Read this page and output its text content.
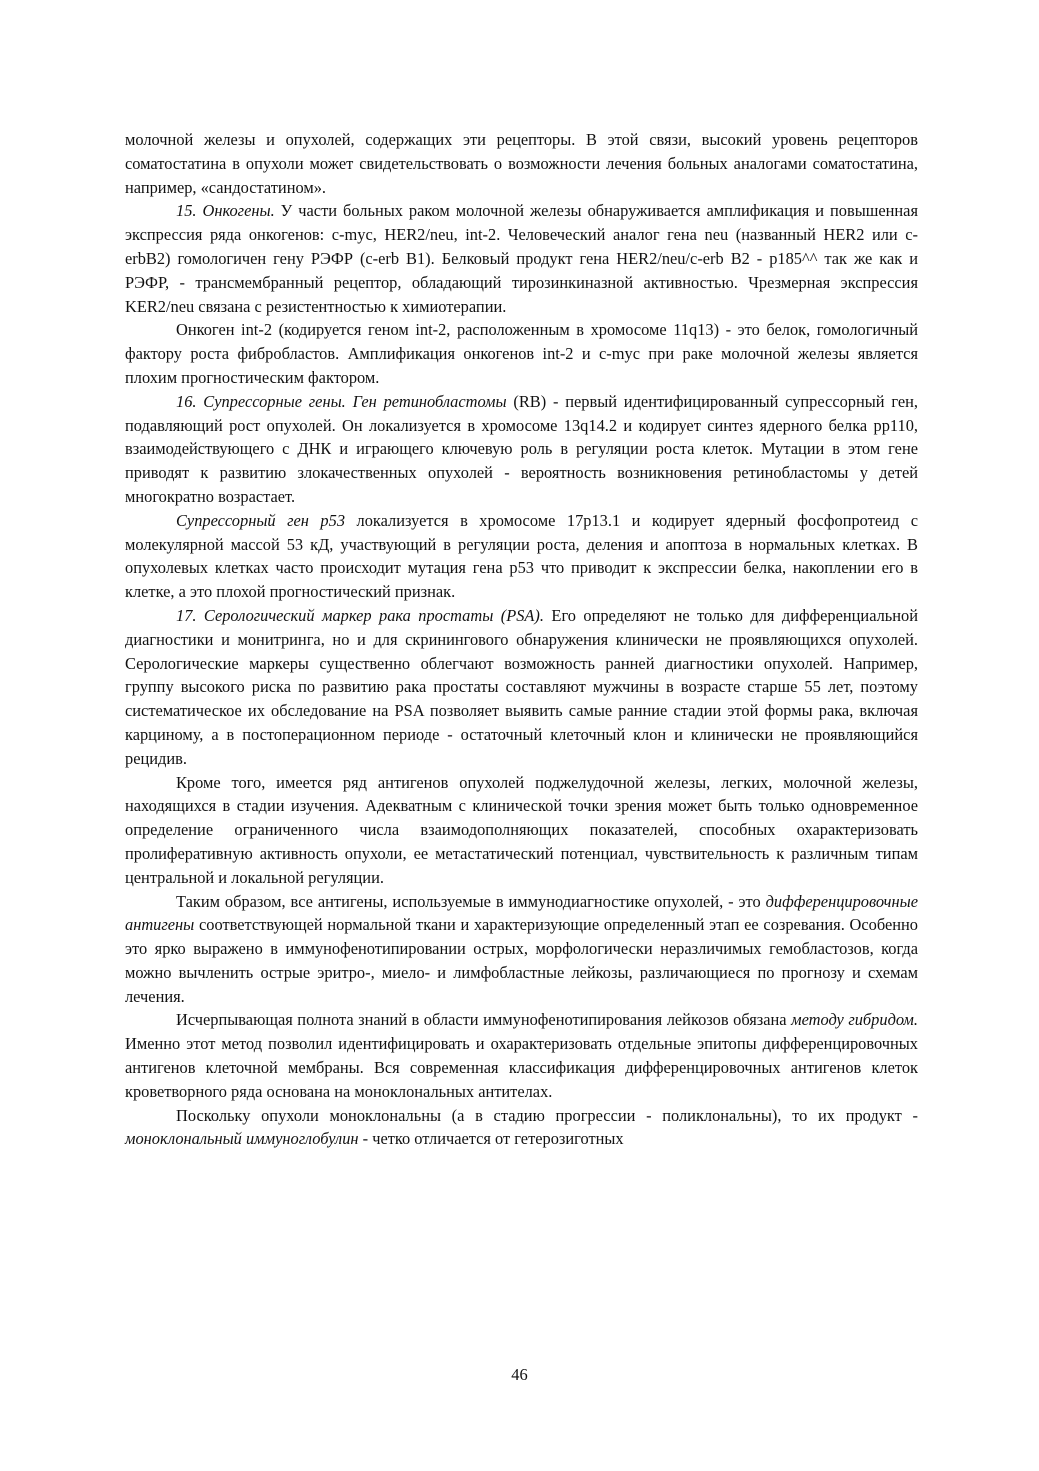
молочной железы и опухолей, содержащих эти рецепторы. В этой связи, высокий уровень рецепторов соматостатина в опухоли может свидетельствовать о возможности лечения больных аналогами соматостатина, например, «сандостатином».

15. Онкогены. У части больных раком молочной железы обнаруживается амплификация и повышенная экспрессия ряда онкогенов: c-myc, HER2/neu, int-2. Человеческий аналог гена neu (названный HER2 или c-erbB2) гомологичен гену РЭФР (c-erb B1). Белковый продукт гена HER2/neu/c-erb B2 - p185^^ так же как и РЭФР, - трансмембранный рецептор, обладающий тирозинкиназной активностью. Чрезмерная экспрессия KER2/neu связана с резистентностью к химиотерапии.

Онкоген int-2 (кодируется геном int-2, расположенным в хромосоме 11q13) - это белок, гомологичный фактору роста фибробластов. Амплификация онкогенов int-2 и c-myc при раке молочной железы является плохим прогностическим фактором.

16. Супрессорные гены. Ген ретинобластомы (RB) - первый идентифицированный супрессорный ген, подавляющий рост опухолей. Он локализуется в хромосоме 13q14.2 и кодирует синтез ядерного белка pp110, взаимодействующего с ДНК и играющего ключевую роль в регуляции роста клеток. Мутации в этом гене приводят к развитию злокачественных опухолей - вероятность возникновения ретинобластомы у детей многократно возрастает.

Супрессорный ген p53 локализуется в хромосоме 17p13.1 и кодирует ядерный фосфопротеид с молекулярной массой 53 кД, участвующий в регуляции роста, деления и апоптоза в нормальных клетках. В опухолевых клетках часто происходит мутация гена p53 что приводит к экспрессии белка, накоплении его в клетке, а это плохой прогностический признак.

17. Серологический маркер рака простаты (PSA). Его определяют не только для дифференциальной диагностики и монитринга, но и для скринингового обнаружения клинически не проявляющихся опухолей. Серологические маркеры существенно облегчают возможность ранней диагностики опухолей. Например, группу высокого риска по развитию рака простаты составляют мужчины в возрасте старше 55 лет, поэтому систематическое их обследование на PSA позволяет выявить самые ранние стадии этой формы рака, включая карциному, а в постоперационном периоде - остаточный клеточный клон и клинически не проявляющийся рецидив.

Кроме того, имеется ряд антигенов опухолей поджелудочной железы, легких, молочной железы, находящихся в стадии изучения. Адекватным с клинической точки зрения может быть только одновременное определение ограниченного числа взаимодополняющих показателей, способных охарактеризовать пролиферативную активность опухоли, ее метастатический потенциал, чувствительность к различным типам центральной и локальной регуляции.

Таким образом, все антигены, используемые в иммунодиагностике опухолей, - это дифференцировочные антигены соответствующей нормальной ткани и характеризующие определенный этап ее созревания. Особенно это ярко выражено в иммунофенотипировании острых, морфологически неразличимых гемобластозов, когда можно вычленить острые эритро-, миело- и лимфобластные лейкозы, различающиеся по прогнозу и схемам лечения.

Исчерпывающая полнота знаний в области иммунофенотипирования лейкозов обязана методу гибридом. Именно этот метод позволил идентифицировать и охарактеризовать отдельные эпитопы дифференцировочных антигенов клеточной мембраны. Вся современная классификация дифференцировочных антигенов клеток кроветворного ряда основана на моноклональных антителах.

Поскольку опухоли моноклональны (а в стадию прогрессии - поликлональны), то их продукт - моноклональный иммуноглобулин - четко отличается от гетерозиготных

46
